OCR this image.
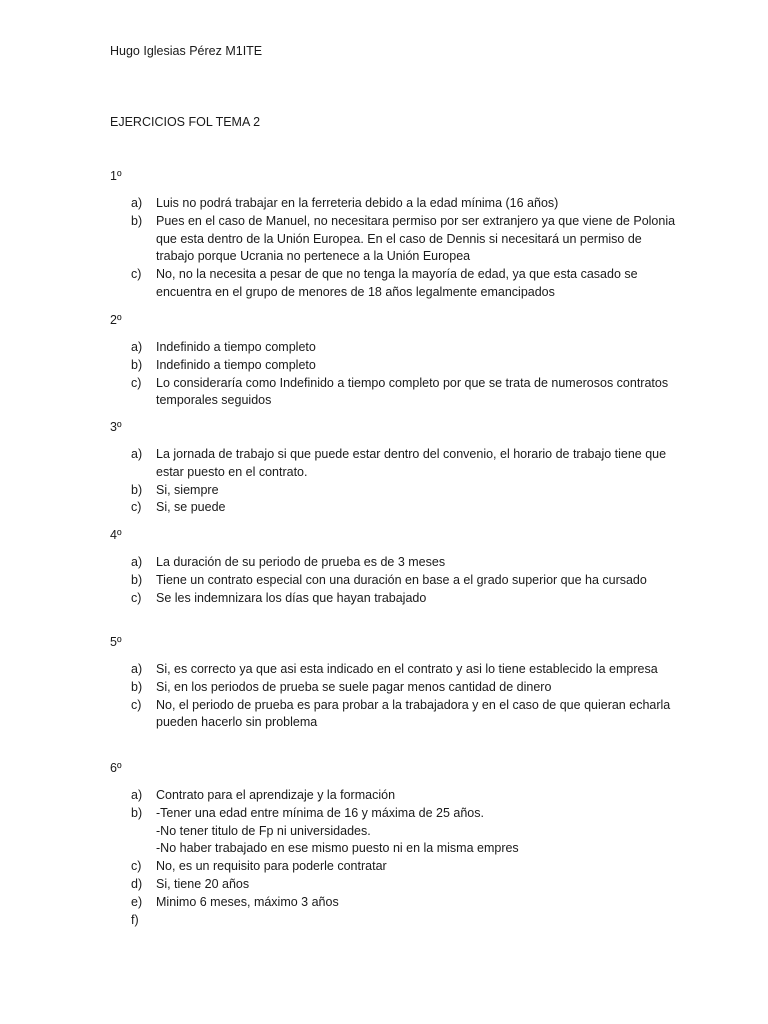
Hugo Iglesias Pérez M1ITE
EJERCICIOS FOL TEMA 2
1º
a) Luis no podrá trabajar en la ferreteria debido a la edad mínima (16 años)
b) Pues en el caso de Manuel, no necesitara permiso por ser extranjero ya que viene de Polonia que esta dentro de la Unión Europea. En el caso de Dennis si necesitará un permiso de trabajo porque Ucrania no pertenece a la Unión Europea
c) No, no la necesita a pesar de que no tenga la mayoría de edad, ya que esta casado se encuentra en el grupo de menores de 18 años legalmente emancipados
2º
a) Indefinido a tiempo completo
b) Indefinido a tiempo completo
c) Lo consideraría como Indefinido a tiempo completo por que se trata de numerosos contratos temporales seguidos
3º
a) La jornada de trabajo si que puede estar dentro del convenio, el horario de trabajo tiene que estar puesto en el contrato.
b) Si, siempre
c) Si, se puede
4º
a) La duración de su periodo de prueba es de 3 meses
b) Tiene un contrato especial con una duración en base a el grado superior que ha cursado
c) Se les indemnizara los días que hayan trabajado
5º
a) Si, es correcto ya que asi esta indicado en el contrato y asi lo tiene establecido la empresa
b) Si, en los periodos de prueba se suele pagar menos cantidad de dinero
c) No, el periodo de prueba es para probar a la trabajadora y en el caso de que quieran echarla pueden hacerlo sin problema
6º
a) Contrato para el aprendizaje y la formación
b) -Tener una edad entre mínima de 16 y máxima de 25 años.
-No tener titulo de Fp ni universidades.
-No haber trabajado en ese mismo puesto ni en la misma empres
c) No, es un requisito para poderle contratar
d) Si, tiene 20 años
e) Minimo 6 meses, máximo 3 años
f)
